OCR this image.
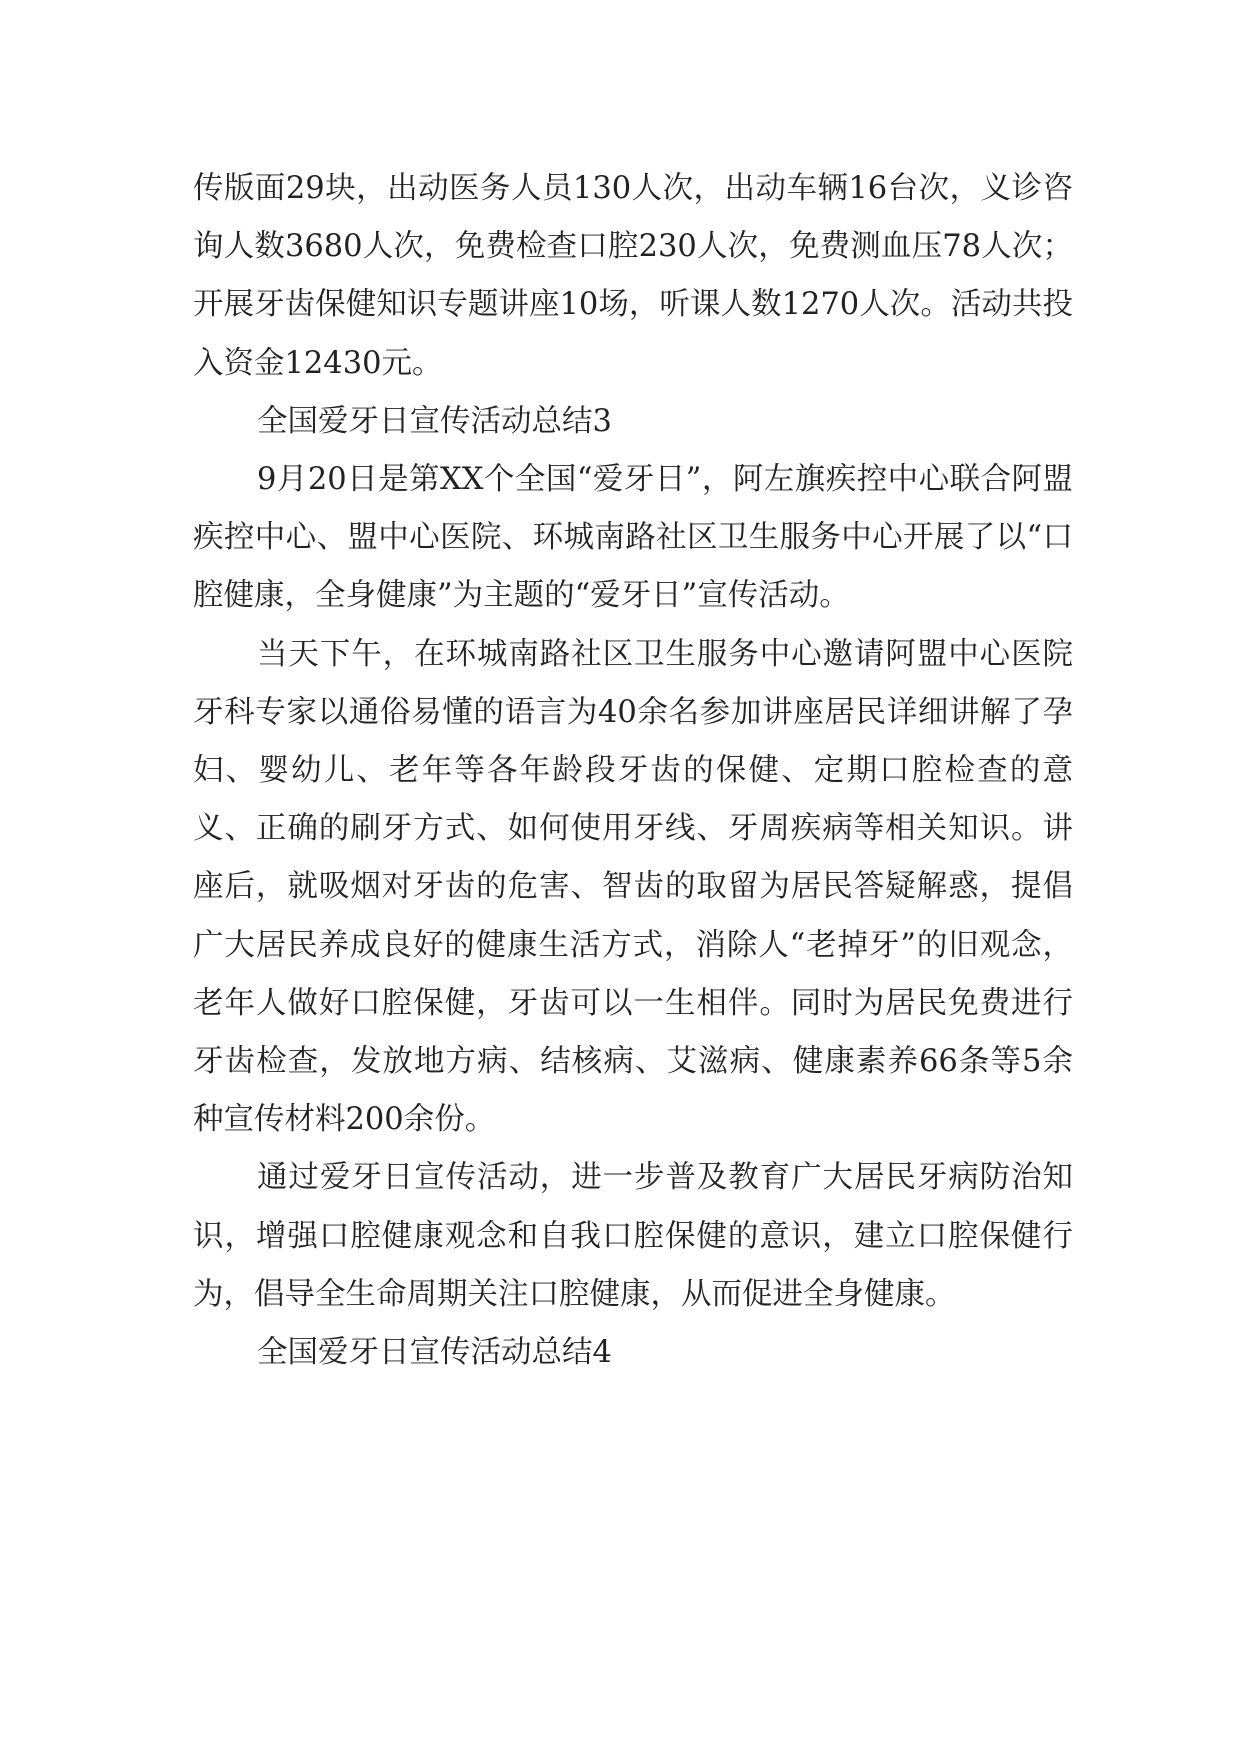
传版面29块，出动医务人员130人次，出动车辆16台次，义诊咨询人数3680人次，免费检查口腔230人次，免费测血压78人次；开展牙齿保健知识专题讲座10场，听课人数1270人次。活动共投入资金12430元。

全国爱牙日宣传活动总结3

9月20日是第XX个全国“爱牙日”，阿左旗疾控中心联合阿盟疾控中心、盟中心医院、环城南路社区卫生服务中心开展了以“口腔健康，全身健康”为主题的“爱牙日”宣传活动。

当天下午，在环城南路社区卫生服务中心邀请阿盟中心医院牙科专家以通俗易懂的语言为40余名参加讲座居民详细讲解了孕妇、婴幼儿、老年等各年龄段牙齿的保健、定期口腔检查的意义、正确的刷牙方式、如何使用牙线、牙周疾病等相关知识。讲座后，就吸烟对牙齿的危害、智齿的取留为居民答疑解惑，提倡广大居民养成良好的健康生活方式，消除人“老掉牙”的旧观念，老年人做好口腔保健，牙齿可以一生相伴。同时为居民免费进行牙齿检查，发放地方病、结核病、艾滋病、健康素养66条等5余种宣传材料200余份。

通过爱牙日宣传活动，进一步普及教育广大居民牙病防治知识，增强口腔健康观念和自我口腔保健的意识，建立口腔保健行为，倡导全生命周期关注口腔健康，从而促进全身健康。

全国爱牙日宣传活动总结4
